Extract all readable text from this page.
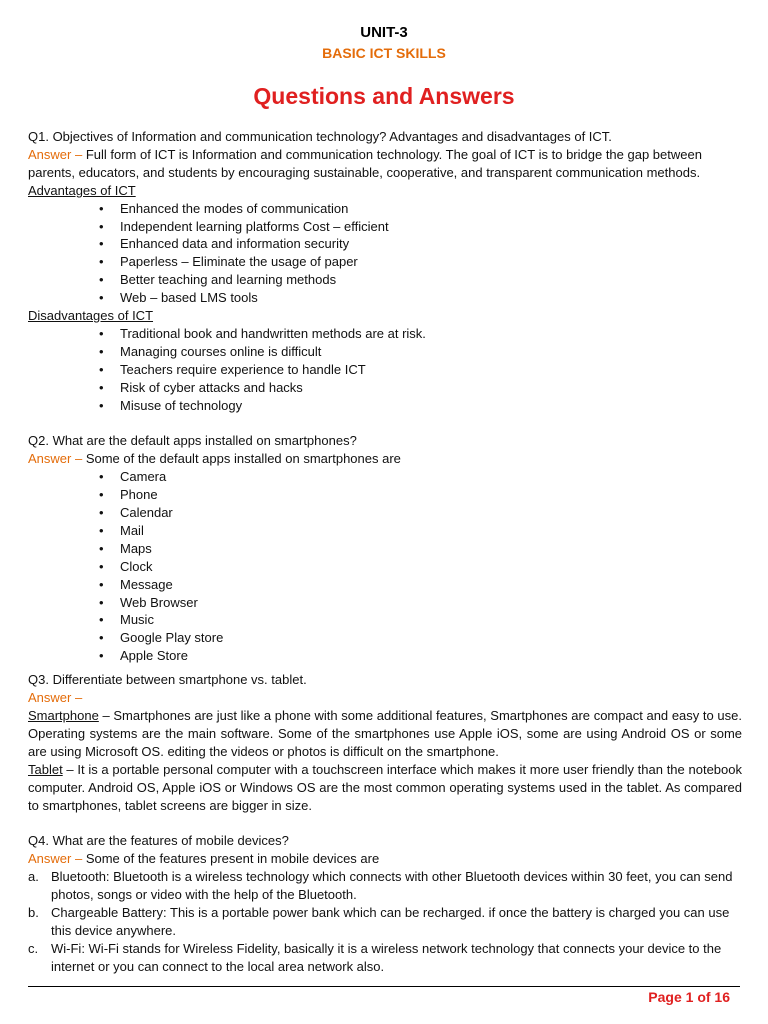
UNIT-3
BASIC ICT SKILLS
Questions and Answers

Q1. Objectives of Information and communication technology? Advantages and disadvantages of ICT.

Answer – Full form of ICT is Information and communication technology. The goal of ICT is to bridge the gap between parents, educators, and students by encouraging sustainable, cooperative, and transparent communication methods.

Advantages of ICT

• Enhanced the modes of communication
• Independent learning platforms Cost – efficient
• Enhanced data and information security
• Paperless – Eliminate the usage of paper
• Better teaching and learning methods
• Web – based LMS tools

Disadvantages of ICT

• Traditional book and handwritten methods are at risk.
• Managing courses online is difficult
• Teachers require experience to handle ICT
• Risk of cyber attacks and hacks
• Misuse of technology

Q2. What are the default apps installed on smartphones?

Answer – Some of the default apps installed on smartphones are

• Camera
• Phone
• Calendar
• Mail
• Maps
• Clock
• Message
• Web Browser
• Music
• Google Play store
• Apple Store

Q3. Differentiate between smartphone vs. tablet.

Answer –

Smartphone – Smartphones are just like a phone with some additional features, Smartphones are compact and easy to use. Operating systems are the main software. Some of the smartphones use Apple iOS, some are using Android OS or some are using Microsoft OS. editing the videos or photos is difficult on the smartphone.

Tablet – It is a portable personal computer with a touchscreen interface which makes it more user friendly than the notebook computer. Android OS, Apple iOS or Windows OS are the most common operating systems used in the tablet. As compared to smartphones, tablet screens are bigger in size.

Q4. What are the features of mobile devices?

Answer – Some of the features present in mobile devices are

a. Bluetooth: Bluetooth is a wireless technology which connects with other Bluetooth devices within 30 feet, you can send photos, songs or video with the help of the Bluetooth.
b. Chargeable Battery: This is a portable power bank which can be recharged. if once the battery is charged you can use this device anywhere.
c. Wi-Fi: Wi-Fi stands for Wireless Fidelity, basically it is a wireless network technology that connects your device to the internet or you can connect to the local area network also.
Page 1 of 16
